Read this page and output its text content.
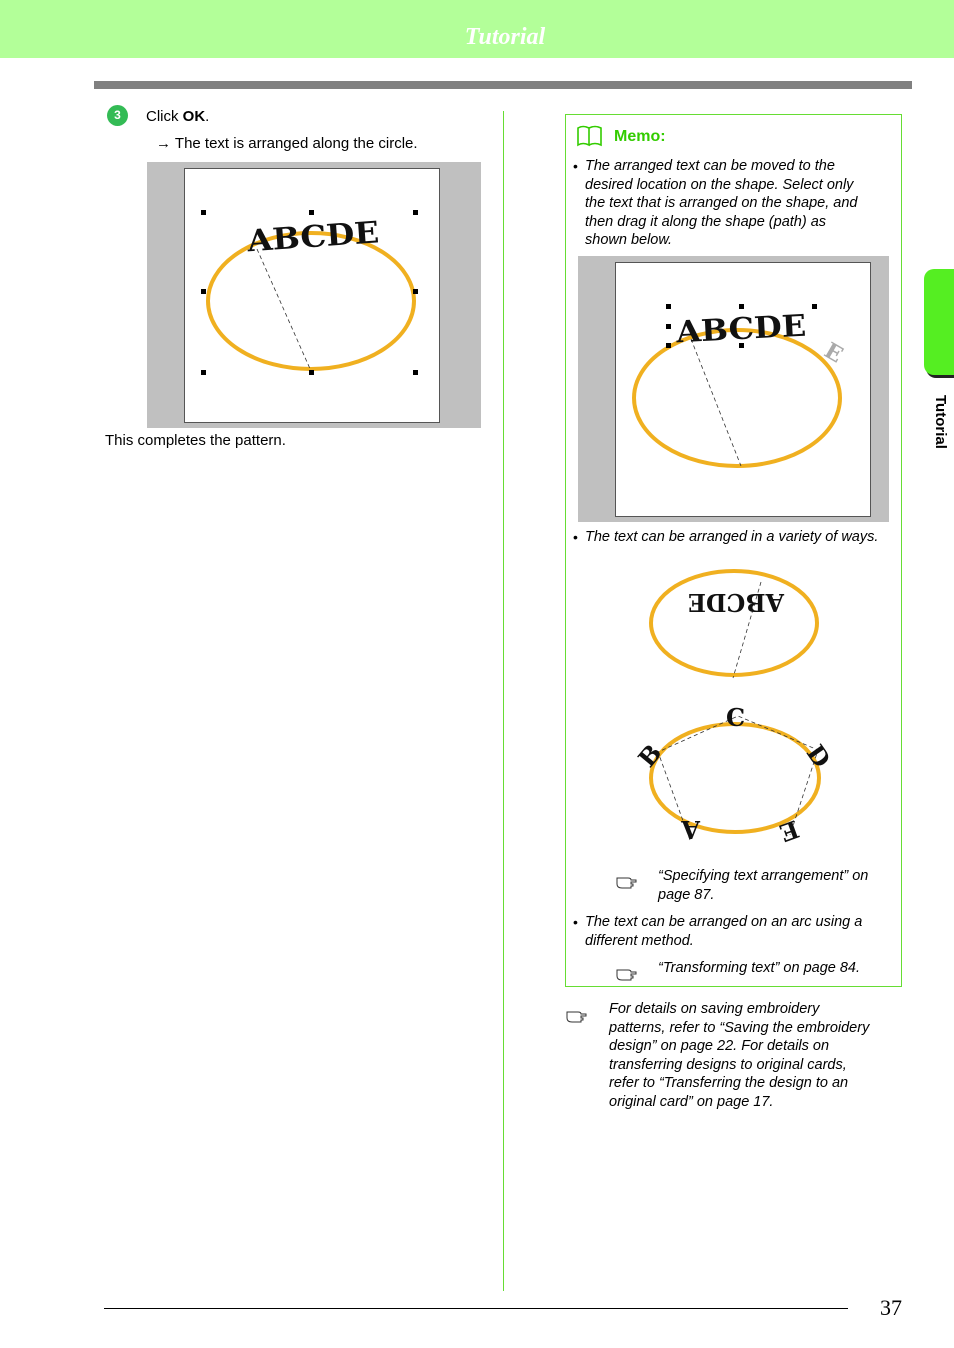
Tutorial
Tutorial
3	Click OK.
→ The text is arranged along the circle.
ABCDE
This completes the pattern.
Memo:
• The arranged text can be moved to the
desired location on the shape. Select only
the text that is arranged on the shape, and
then drag it along the shape (path) as
shown below.
ABCDE
E
• The text can be arranged in a variety of ways.
ABCDE
A
B
C
D
E
“Specifying text arrangement” on
page 87.
• The text can be arranged on an arc using a
different method.
“Transforming text” on page 84.
For details on saving embroidery
patterns, refer to “Saving the embroidery
design” on page 22. For details on
transferring designs to original cards,
refer to “Transferring the design to an
original card” on page 17.
37
